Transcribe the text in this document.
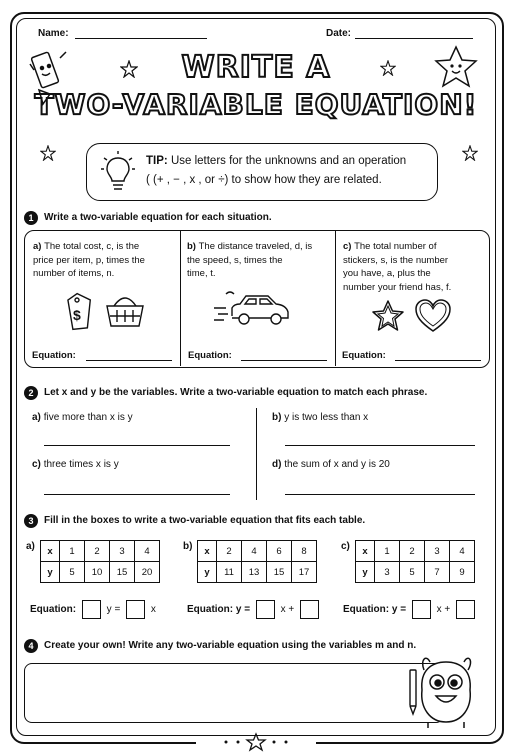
Name:	Date:
WRITE A
TWO-VARIABLE EQUATION!
TIP: Use letters for the unknowns and an operation
( (+ , − , x , or ÷) to show how they are related.
1	Write a two-variable equation for each situation.
a) The total cost, c, is the
price per item, p, times the
number of items, n.
b) The distance traveled, d, is
the speed, s, times the
time, t.
c) The total number of
stickers, s, is the number
you have, a, plus the
number your friend has, f.
$
Equation:	Equation:	Equation:
2	Let x and y be the variables. Write a two-variable equation to match each phrase.
a) five more than x is y	b) y is two less than x
c) three times x is y	d) the sum of x and y is 20
3	Fill in the boxes to write a two-variable equation that fits each table.
a) x	1	2	3	4
y	5	10	15	20
b) x	2	4	6	8
y	11	13	15	17
c) x	1	2	3	4
y	3	5	7	9
Equation:	y =	x	Equation: y =	x +	Equation: y =	x +
4	Create your own! Write any two-variable equation using the variables m and n.
